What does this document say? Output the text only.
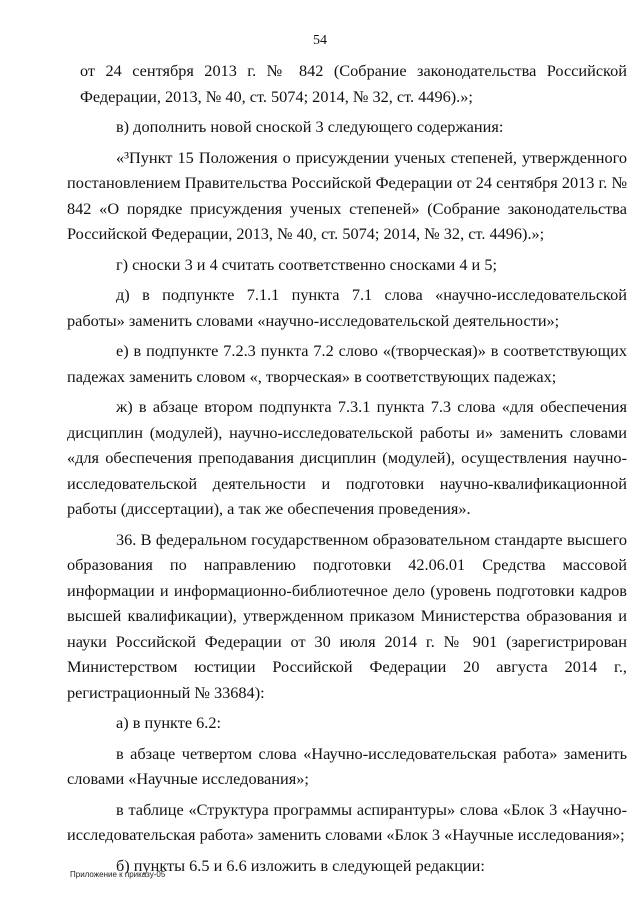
54

от 24 сентября 2013 г. № 842 (Собрание законодательства Российской Федерации, 2013, № 40, ст. 5074; 2014, № 32, ст. 4496).»;

в) дополнить новой сноской 3 следующего содержания:

«³Пункт 15 Положения о присуждении ученых степеней, утвержденного постановлением Правительства Российской Федерации от 24 сентября 2013 г. № 842 «О порядке присуждения ученых степеней» (Собрание законодательства Российской Федерации, 2013, № 40, ст. 5074; 2014, № 32, ст. 4496).»;

г) сноски 3 и 4 считать соответственно сносками 4 и 5;

д) в подпункте 7.1.1 пункта 7.1 слова «научно-исследовательской работы» заменить словами «научно-исследовательской деятельности»;

е) в подпункте 7.2.3 пункта 7.2 слово «(творческая)» в соответствующих падежах заменить словом «, творческая» в соответствующих падежах;

ж) в абзаце втором подпункта 7.3.1 пункта 7.3 слова «для обеспечения дисциплин (модулей), научно-исследовательской работы и» заменить словами «для обеспечения преподавания дисциплин (модулей), осуществления научно-исследовательской деятельности и подготовки научно-квалификационной работы (диссертации), а так же обеспечения проведения».

36. В федеральном государственном образовательном стандарте высшего образования по направлению подготовки 42.06.01 Средства массовой информации и информационно-библиотечное дело (уровень подготовки кадров высшей квалификации), утвержденном приказом Министерства образования и науки Российской Федерации от 30 июля 2014 г. № 901 (зарегистрирован Министерством юстиции Российской Федерации 20 августа 2014 г., регистрационный № 33684):

а) в пункте 6.2:

в абзаце четвертом слова «Научно-исследовательская работа» заменить словами «Научные исследования»;

в таблице «Структура программы аспирантуры» слова «Блок 3 «Научно-исследовательская работа» заменить словами «Блок 3 «Научные исследования»;

б) пункты 6.5 и 6.6 изложить в следующей редакции:

Приложение к приказу-05
